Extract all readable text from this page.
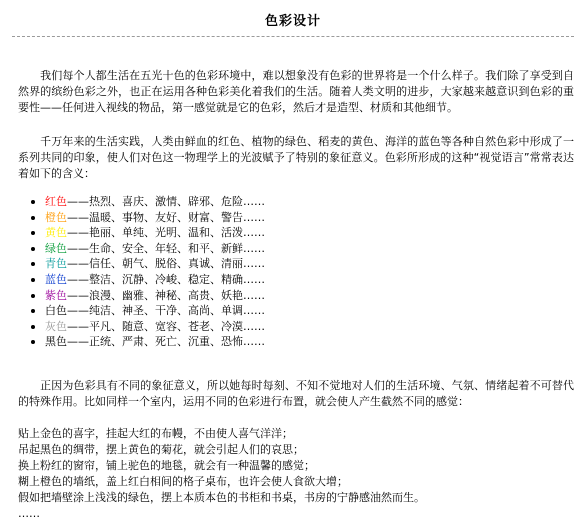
色彩设计

我们每个人都生活在五光十色的色彩环境中，难以想象没有色彩的世界将是一个什么样子。我们除了享受到自然界的缤纷色彩之外，也正在运用各种色彩美化着我们的生活。随着人类文明的进步，大家越来越意识到色彩的重要性——任何进入视线的物品，第一感觉就是它的色彩，然后才是造型、材质和其他细节。

千万年来的生活实践，人类由鲜血的红色、植物的绿色、稻麦的黄色、海洋的蓝色等各种自然色彩中形成了一系列共同的印象，使人们对色这一物理学上的光波赋予了特别的象征意义。色彩所形成的这种“视觉语言”常常表达着如下的含义：

红色——热烈、喜庆、激情、辟邪、危险……
橙色——温暖、事物、友好、财富、警告……
黄色——艳丽、单纯、光明、温和、活泼……
绿色——生命、安全、年轻、和平、新鲜……
青色——信任、朝气、脱俗、真诚、清丽……
蓝色——整洁、沉静、冷峻、稳定、精确……
紫色——浪漫、幽雅、神秘、高贵、妖艳……
白色——纯洁、神圣、干净、高尚、单调……
灰色——平凡、随意、宽容、苍老、冷漠……
黑色——正统、严肃、死亡、沉重、恐怖……

正因为色彩具有不同的象征意义，所以她每时每刻、不知不觉地对人们的生活环境、气氛、情绪起着不可替代的特殊作用。比如同样一个室内，运用不同的色彩进行布置，就会使人产生截然不同的感觉：

贴上金色的喜字，挂起大红的布幔，不由使人喜气洋洋；
吊起黑色的绸带，摆上黄色的菊花，就会引起人们的哀思；
换上粉红的窗帘，铺上驼色的地毯，就会有一种温馨的感觉；
糊上橙色的墙纸，盖上红白相间的格子桌布，也许会使人食欲大增；
假如把墙壁涂上浅浅的绿色，摆上本质本色的书柜和书桌，书房的宁静感油然而生。
……
